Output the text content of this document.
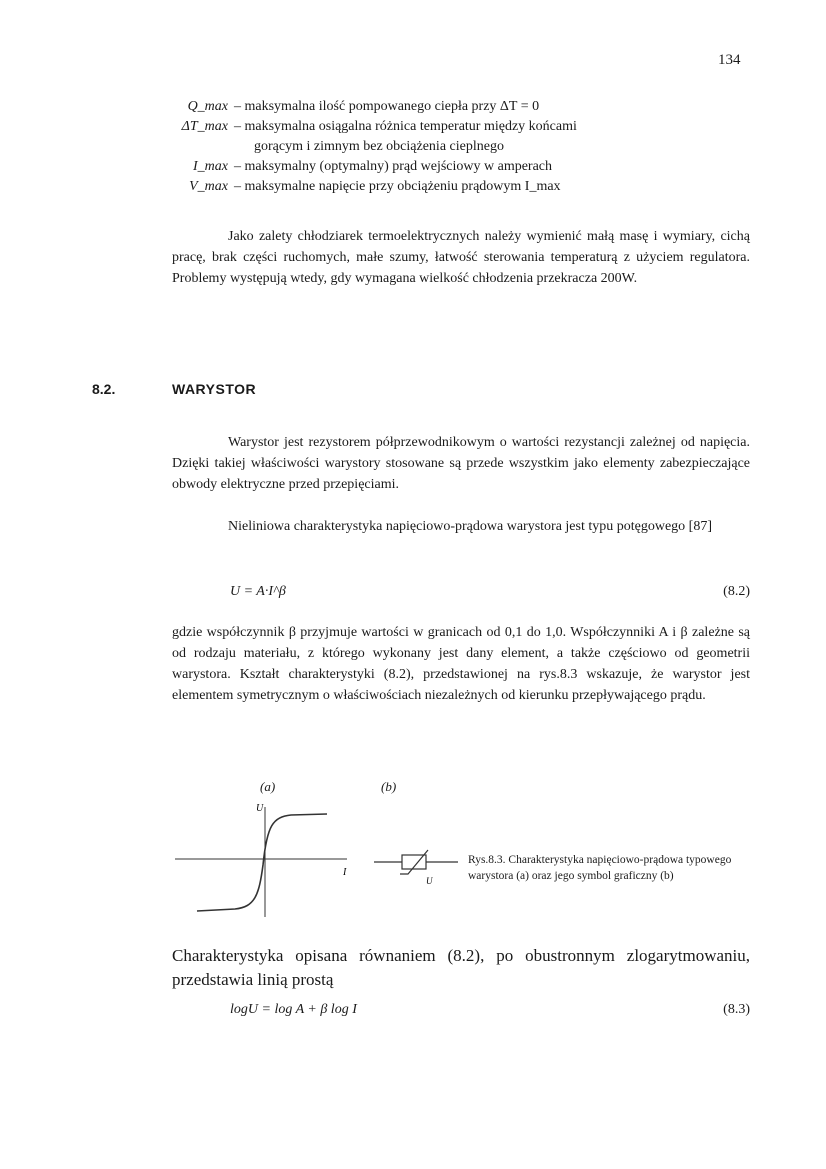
134
Q_max – maksymalna ilość pompowanego ciepła przy ΔT = 0
ΔT_max – maksymalna osiągalna różnica temperatur między końcami
gorącym i zimnym bez obciążenia cieplnego
I_max – maksymalny (optymalny) prąd wejściowy w amperach
V_max – maksymalne napięcie przy obciążeniu prądowym I_max
Jako zalety chłodziarek termoelektrycznych należy wymienić małą masę i wymiary, cichą pracę, brak części ruchomych, małe szumy, łatwość sterowania temperaturą z użyciem regulatora. Problemy występują wtedy, gdy wymagana wielkość chłodzenia przekracza 200W.
8.2.	WARYSTOR
Warystor jest rezystorem półprzewodnikowym o wartości rezystancji zależnej od napięcia. Dzięki takiej właściwości warystory stosowane są przede wszystkim jako elementy zabezpieczające obwody elektryczne przed przepięciami.
Nieliniowa charakterystyka napięciowo-prądowa warystora jest typu potęgowego [87]
U = A·I^β	(8.2)
gdzie współczynnik β przyjmuje wartości w granicach od 0,1 do 1,0. Współczynniki A i β zależne są od rodzaju materiału, z którego wykonany jest dany element, a także częściowo od geometrii warystora. Kształt charakterystyki (8.2), przedstawionej na rys.8.3 wskazuje, że warystor jest elementem symetrycznym o właściwościach niezależnych od kierunku przepływającego prądu.
(a)	(b)
U
I
U
Rys.8.3. Charakterystyka napięciowo-prądowa typowego warystora (a) oraz jego symbol graficzny (b)
Charakterystyka opisana równaniem (8.2), po obustronnym zlogarytmowaniu, przedstawia linią prostą
logU = log A + β log I	(8.3)
